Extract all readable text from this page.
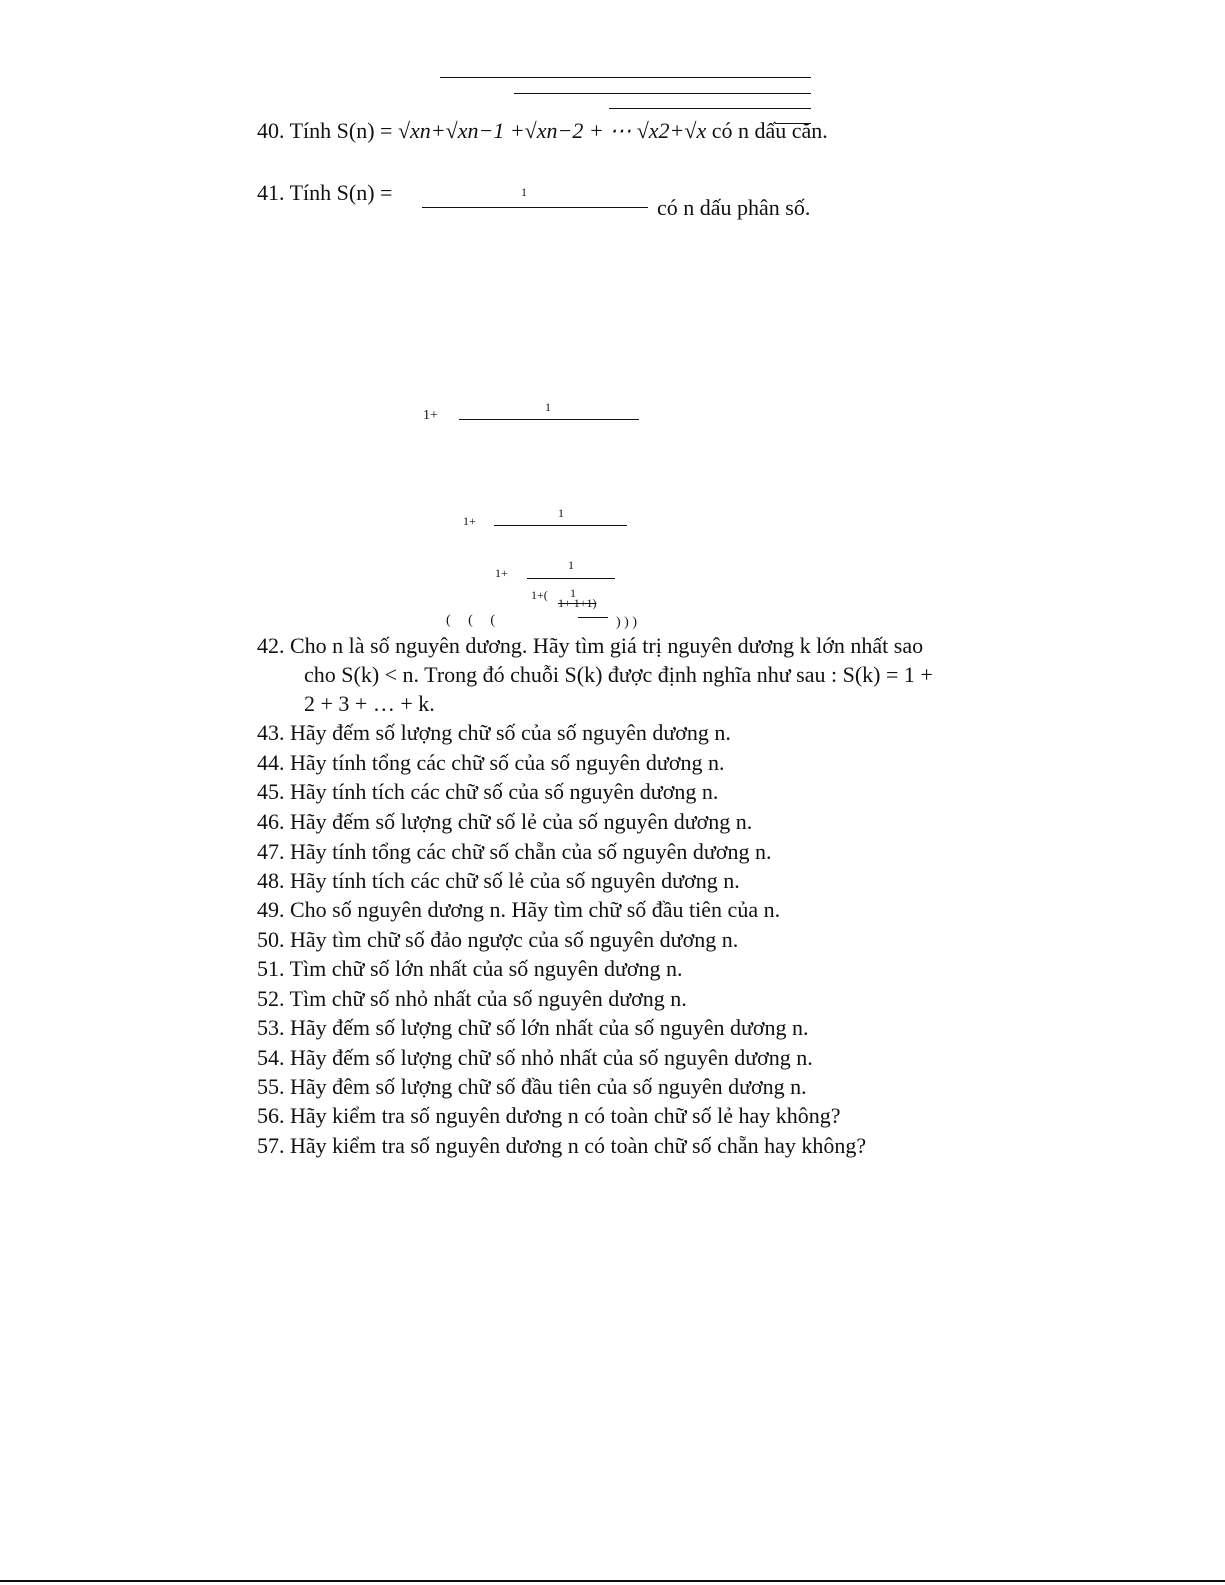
40. Tính S(n) = √xn+√xn−1 +√xn−2 + ⋯ √x2+√x có n dấu căn.
41. Tính S(n) =	1
có n dấu phân số.
1+
1
1+
1
1+
1
1+( 1
1+ 1+1)
(     (     (	) ) )
42. Cho n là số nguyên dương. Hãy tìm giá trị nguyên dương k lớn nhất sao
cho S(k) < n. Trong đó chuỗi S(k) được định nghĩa như sau : S(k) = 1 +
2 + 3 + … + k.
43. Hãy đếm số lượng chữ số của số nguyên dương n.
44. Hãy tính tổng các chữ số của số nguyên dương n.
45. Hãy tính tích các chữ số của số nguyên dương n.
46. Hãy đếm số lượng chữ số lẻ của số nguyên dương n.
47. Hãy tính tổng các chữ số chẵn của số nguyên dương n.
48. Hãy tính tích các chữ số lẻ của số nguyên dương n.
49. Cho số nguyên dương n. Hãy tìm chữ số đầu tiên của n.
50. Hãy tìm chữ số đảo ngược của số nguyên dương n.
51. Tìm chữ số lớn nhất của số nguyên dương n.
52. Tìm chữ số nhỏ nhất của số nguyên dương n.
53. Hãy đếm số lượng chữ số lớn nhất của số nguyên dương n.
54. Hãy đếm số lượng chữ số nhỏ nhất của số nguyên dương n.
55. Hãy đêm số lượng chữ số đầu tiên của số nguyên dương n.
56. Hãy kiểm tra số nguyên dương n có toàn chữ số lẻ hay không?
57. Hãy kiểm tra số nguyên dương n có toàn chữ số chẵn hay không?
